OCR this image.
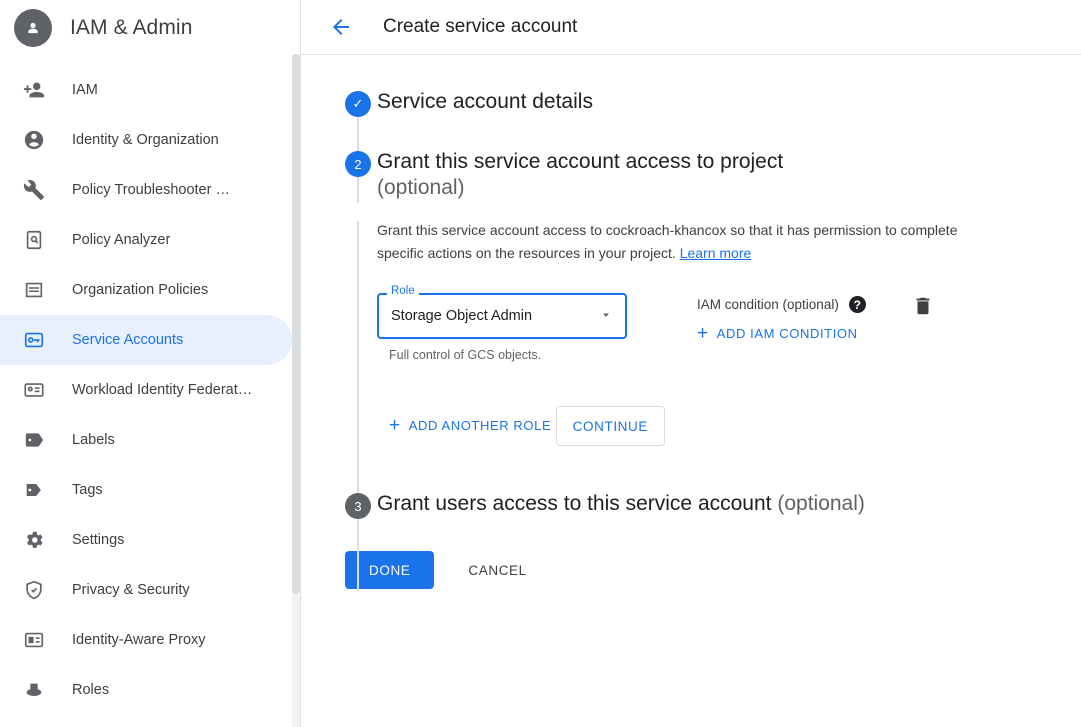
IAM & Admin
IAM
Identity & Organization
Policy Troubleshooter …
Policy Analyzer
Organization Policies
Service Accounts
Workload Identity Federat…
Labels
Tags
Settings
Privacy & Security
Identity-Aware Proxy
Roles
Create service account
✓ Service account details
2 Grant this service account access to project
(optional)
Grant this service account access to cockroach-khancox so that it has permission to complete specific actions on the resources in your project. Learn more
Storage Object Admin
Role
Full control of GCS objects.
IAM condition (optional)	?
+ ADD IAM CONDITION
+ ADD ANOTHER ROLE
CONTINUE
3 Grant users access to this service account (optional)
DONE	CANCEL
